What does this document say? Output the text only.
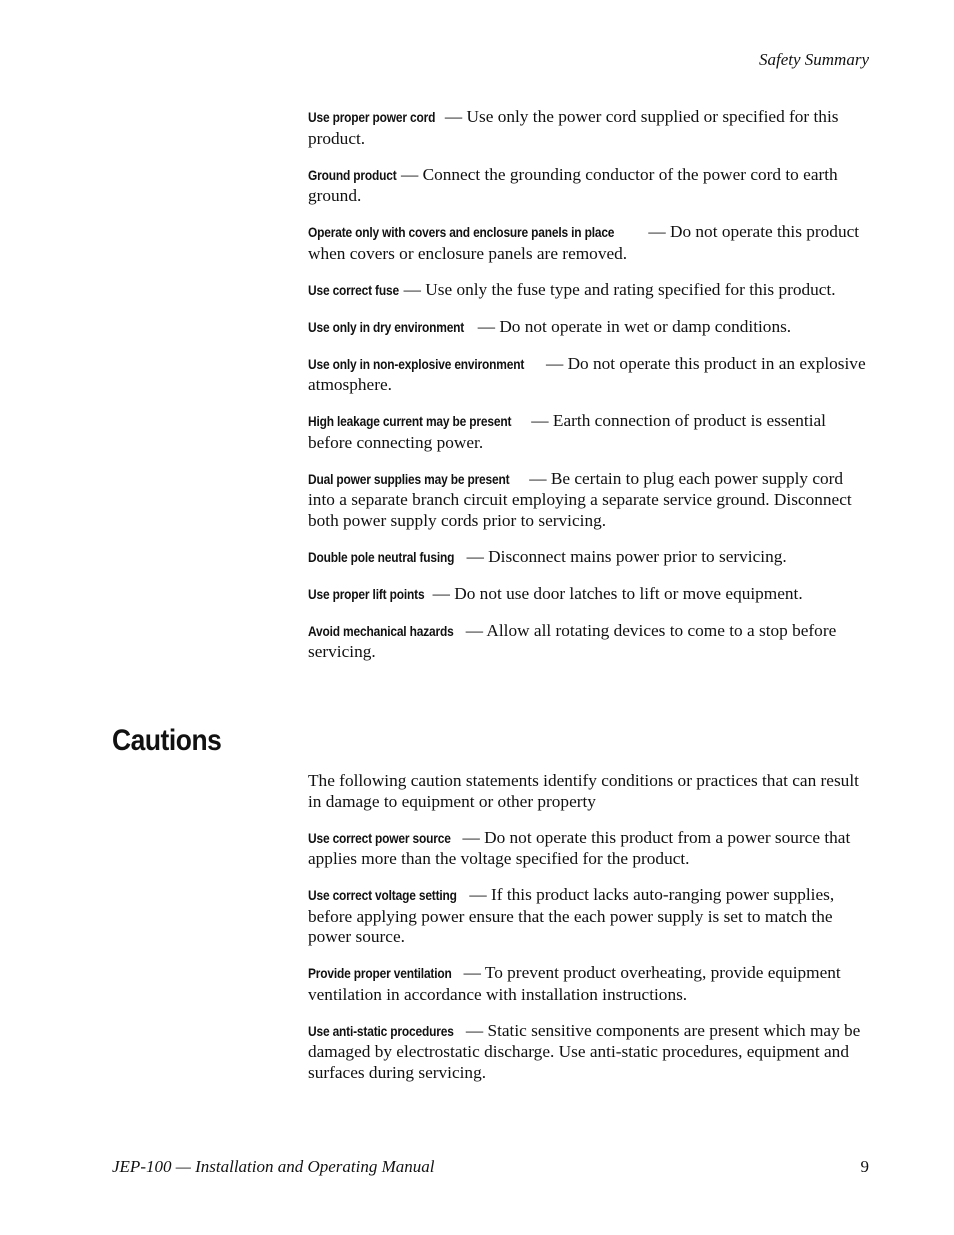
Safety Summary

Use proper power cord — Use only the power cord supplied or specified for this product.

Ground product — Connect the grounding conductor of the power cord to earth ground.

Operate only with covers and enclosure panels in place — Do not operate this product when covers or enclosure panels are removed.

Use correct fuse — Use only the fuse type and rating specified for this product.

Use only in dry environment — Do not operate in wet or damp conditions.

Use only in non-explosive environment — Do not operate this product in an explosive atmosphere.

High leakage current may be present — Earth connection of product is essential before connecting power.

Dual power supplies may be present — Be certain to plug each power supply cord into a separate branch circuit employing a separate service ground. Disconnect both power supply cords prior to servicing.

Double pole neutral fusing — Disconnect mains power prior to servicing.

Use proper lift points — Do not use door latches to lift or move equipment.

Avoid mechanical hazards — Allow all rotating devices to come to a stop before servicing.

Cautions

The following caution statements identify conditions or practices that can result in damage to equipment or other property

Use correct power source — Do not operate this product from a power source that applies more than the voltage specified for the product.

Use correct voltage setting — If this product lacks auto-ranging power supplies, before applying power ensure that the each power supply is set to match the power source.

Provide proper ventilation — To prevent product overheating, provide equipment ventilation in accordance with installation instructions.

Use anti-static procedures — Static sensitive components are present which may be damaged by electrostatic discharge. Use anti-static procedures, equipment and surfaces during servicing.

JEP-100 — Installation and Operating Manual	9
